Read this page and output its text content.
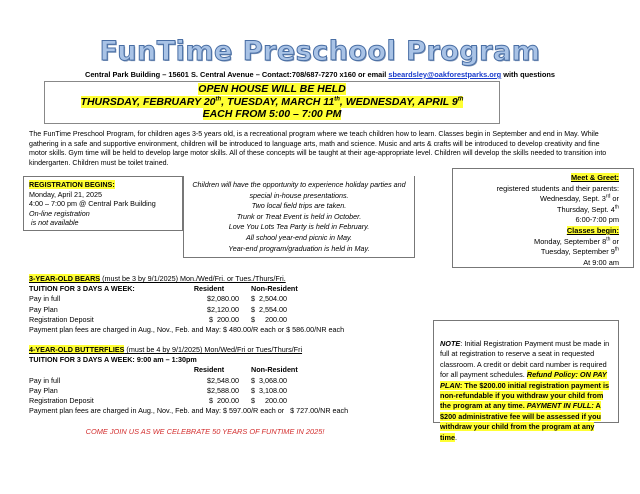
FunTime Preschool Program
Central Park Building – 15601 S. Central Avenue – Contact:708/687-7270 x160 or email sbeardsley@oakforestparks.org with questions
OPEN HOUSE WILL BE HELD
THURSDAY, FEBRUARY 20th, TUESDAY, MARCH 11th, WEDNESDAY, APRIL 9th
EACH FROM 5:00 – 7:00 PM
The FunTime Preschool Program, for children ages 3-5 years old, is a recreational program where we teach children how to learn. Classes begin in September and end in May. While gathering in a safe and supportive environment, children will be introduced to language arts, math and science. Music and arts & crafts will be introduced to develop creativity and fine motor skills. Gym time will be held to develop large motor skills. All of these concepts will be taught at their age-appropriate level. Children will develop the skills needed to transition into kindergarten. Children must be toilet trained.
REGISTRATION BEGINS:
Monday, April 21, 2025
4:00 – 7:00 pm @ Central Park Building
On-line registration
is not available
Children will have the opportunity to experience holiday parties and
special in-house presentations.
Two local field trips are taken.
Trunk or Treat Event is held in October.
Love You Lots Tea Party is held in February.
All school year-end picnic in May.
Year-end program/graduation is held in May.
Meet & Greet:
registered students and their parents:
Wednesday, Sept. 3rd or
Thursday, Sept. 4th
6:00-7:00 pm
Classes begin:
Monday, September 8th or
Tuesday, September 9th
At 9:00 am
3-YEAR-OLD BEARS (must be 3 by 9/1/2025) Mon./Wed/Fri. or Tues./Thurs/Fri.
TUITION FOR 3 DAYS A WEEK:	Resident	Non-Resident
Pay in full	$2,080.00	$  2,504.00
Pay Plan	$2,120.00	$  2,554.00
Registration Deposit	$  200.00	$     200.00
Payment plan fees are charged in Aug., Nov., Feb. and May: $ 480.00/R each or $ 586.00/NR each
4-YEAR-OLD BUTTERFLIES (must be 4 by 9/1/2025) Mon/Wed/Fri or Tues/Thurs/Fri
TUITION FOR 3 DAYS A WEEK: 9:00 am – 1:30pm
Resident	Non-Resident
Pay in full	$2,548.00	$  3,068.00
Pay Plan	$2,588.00	$  3,108.00
Registration Deposit	$  200.00	$     200.00
Payment plan fees are charged in Aug., Nov., Feb. and May: $ 597.00/R each or   $ 727.00/NR each
COME JOIN US AS WE CELEBRATE 50 YEARS OF FUNTIME IN 2025!
NOTE: Initial Registration Payment must be made in full at registration to reserve a seat in requested classroom. A credit or debit card number is required for all payment schedules. Refund Policy: ON PAY PLAN: The $200.00 initial registration payment is non-refundable if you withdraw your child from the program at any time. PAYMENT IN FULL: A $200 administrative fee will be assessed if you withdraw your child from the program at any time.
